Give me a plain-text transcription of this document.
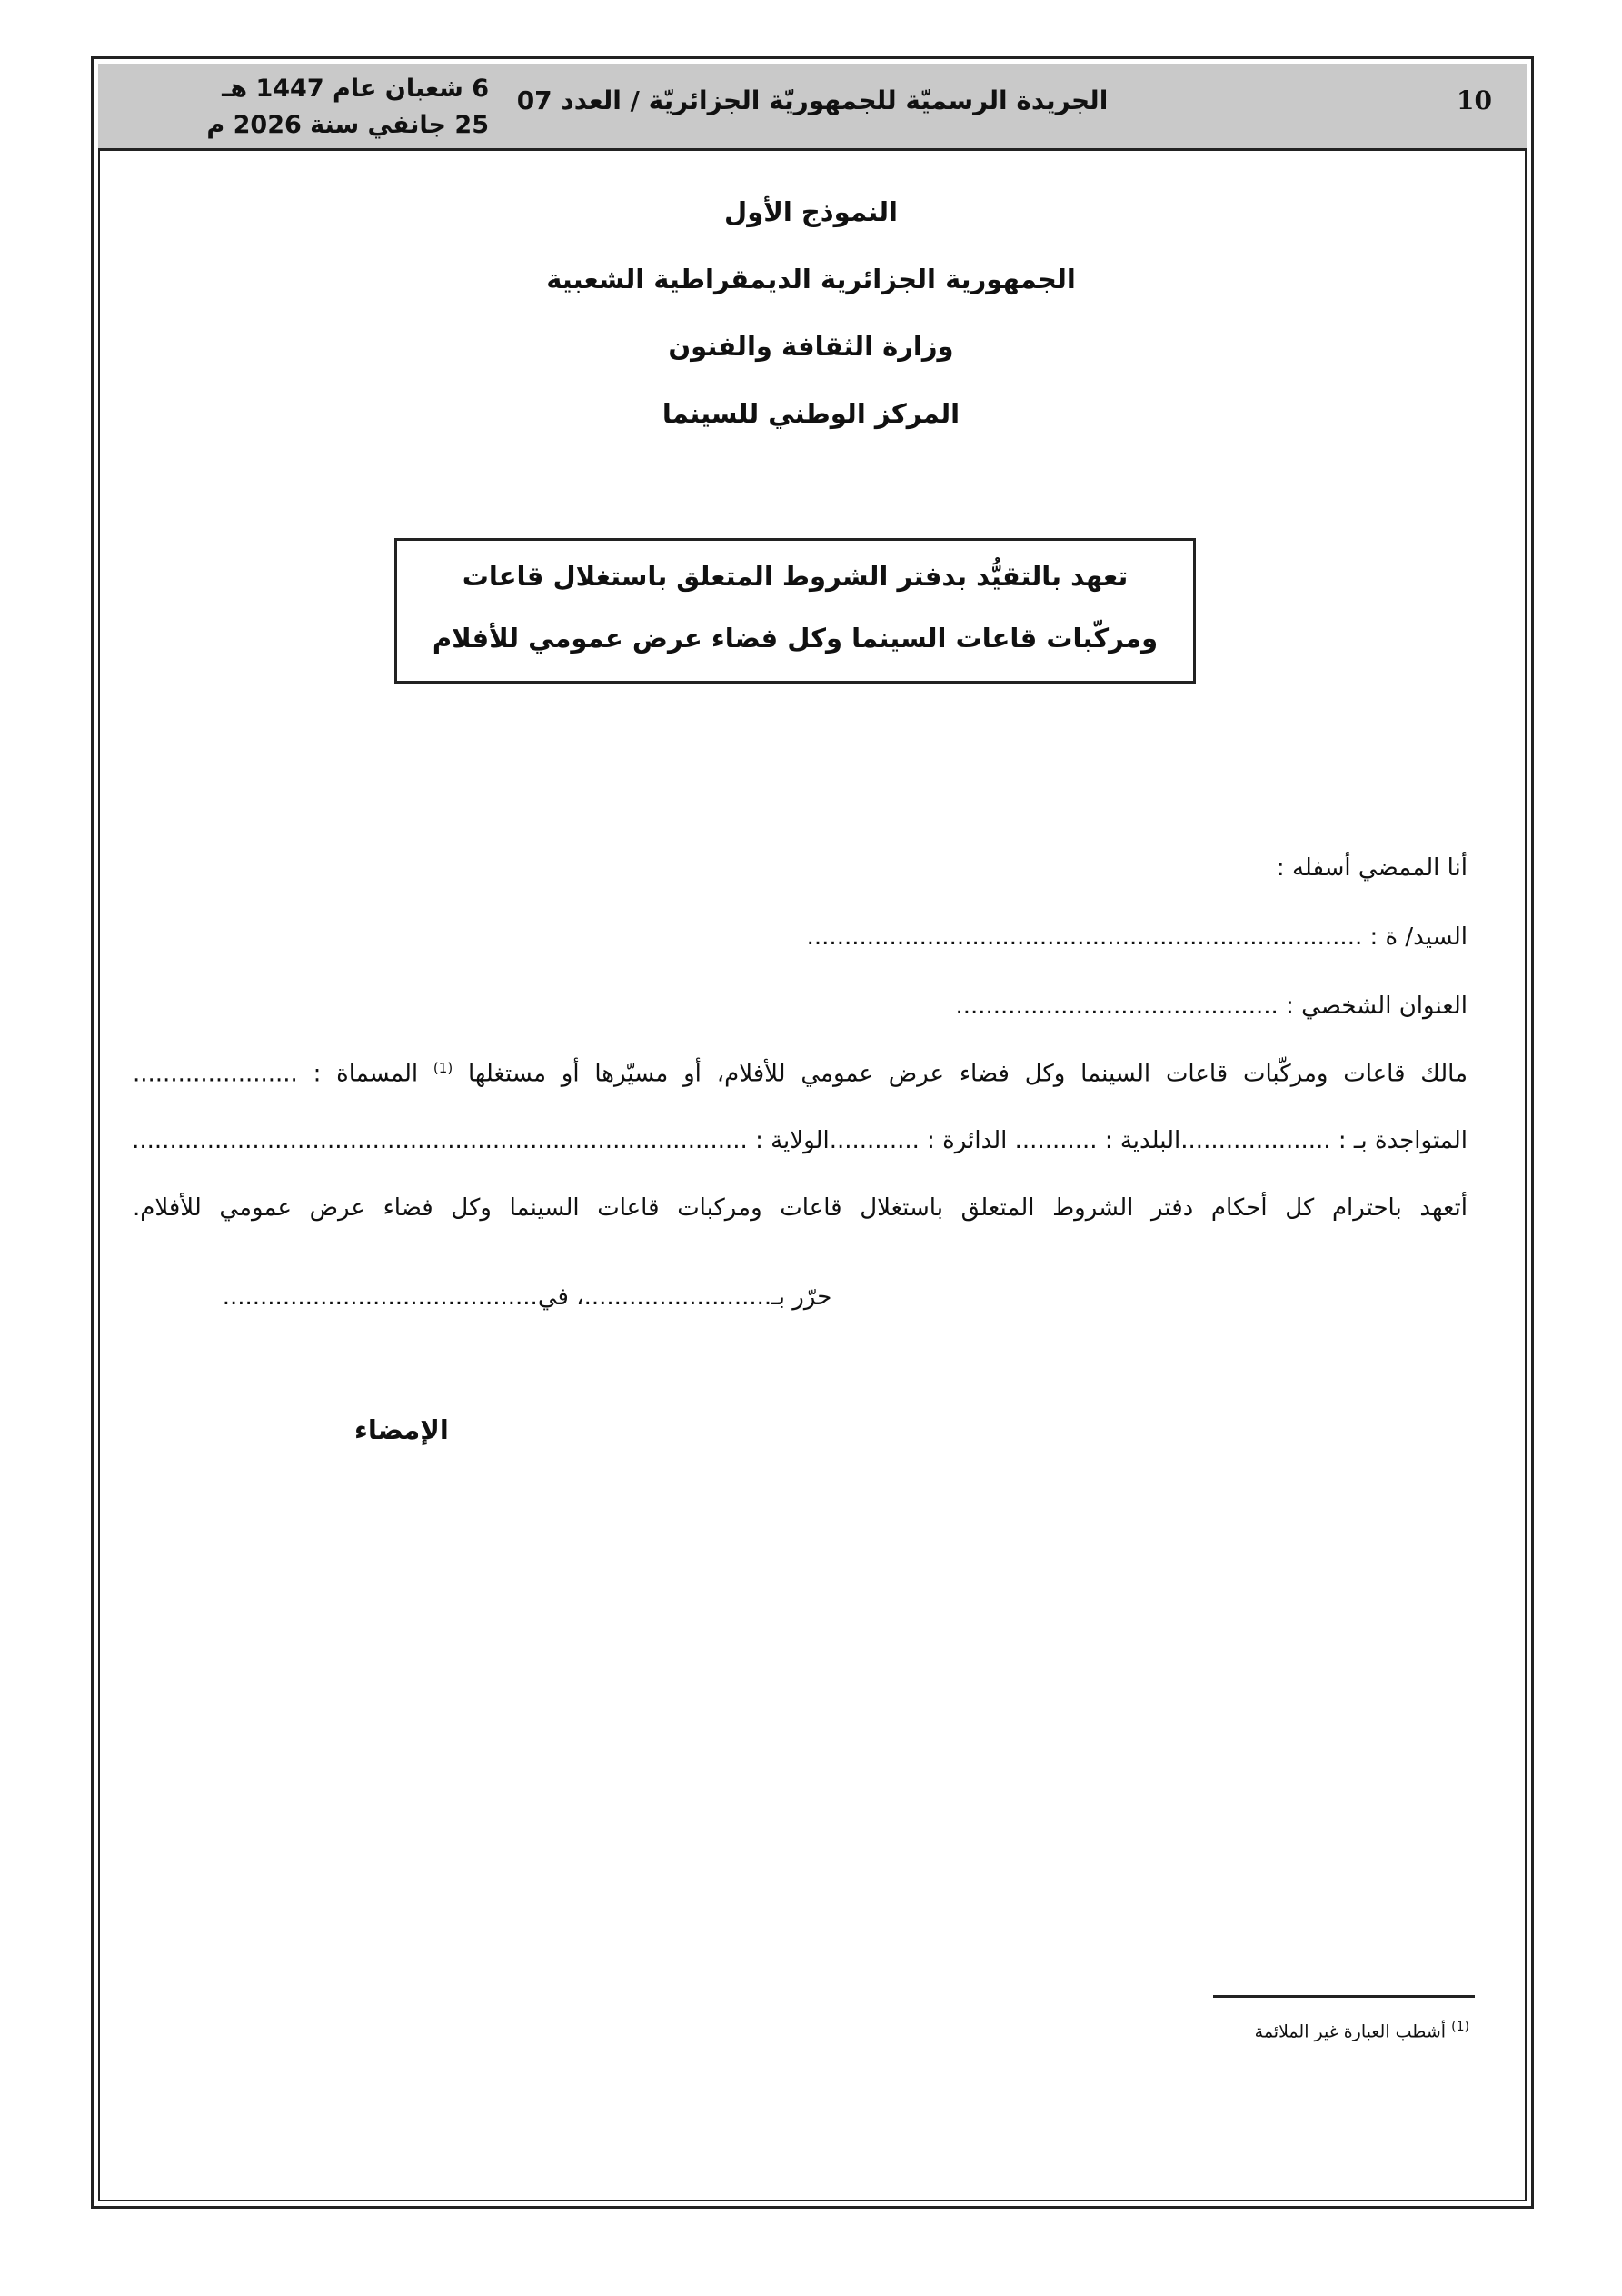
10
الجريدة الرسميّة للجمهوريّة الجزائريّة / العدد 07
6 شعبان عام 1447 هـ
25 جانفي سنة 2026 م
النموذج الأول
الجمهورية الجزائرية الديمقراطية الشعبية
وزارة الثقافة والفنون
المركز الوطني للسينما
تعهد بالتقيُّد بدفتر الشروط المتعلق باستغلال قاعات
ومركّبات قاعات السينما وكل فضاء عرض عمومي للأفلام
أنا الممضي أسفله :
السيد/ ة : ..........................................................................
العنوان الشخصي : ...........................................
مالك قاعات ومركّبات قاعات السينما وكل فضاء عرض عمومي للأفلام، أو مسيّرها أو مستغلها $^{(1)}$ المسماة : ......................
المتواجدة بـ : ....................البلدية : ........... الدائرة : ............الولاية : ..................................................................................
أتعهد باحترام كل أحكام دفتر الشروط المتعلق باستغلال قاعات ومركبات قاعات السينما وكل فضاء عرض عمومي للأفلام.
حرّر بـ.........................، في..........................................
الإمضاء
$^{(1)}$ أشطب العبارة غير الملائمة
